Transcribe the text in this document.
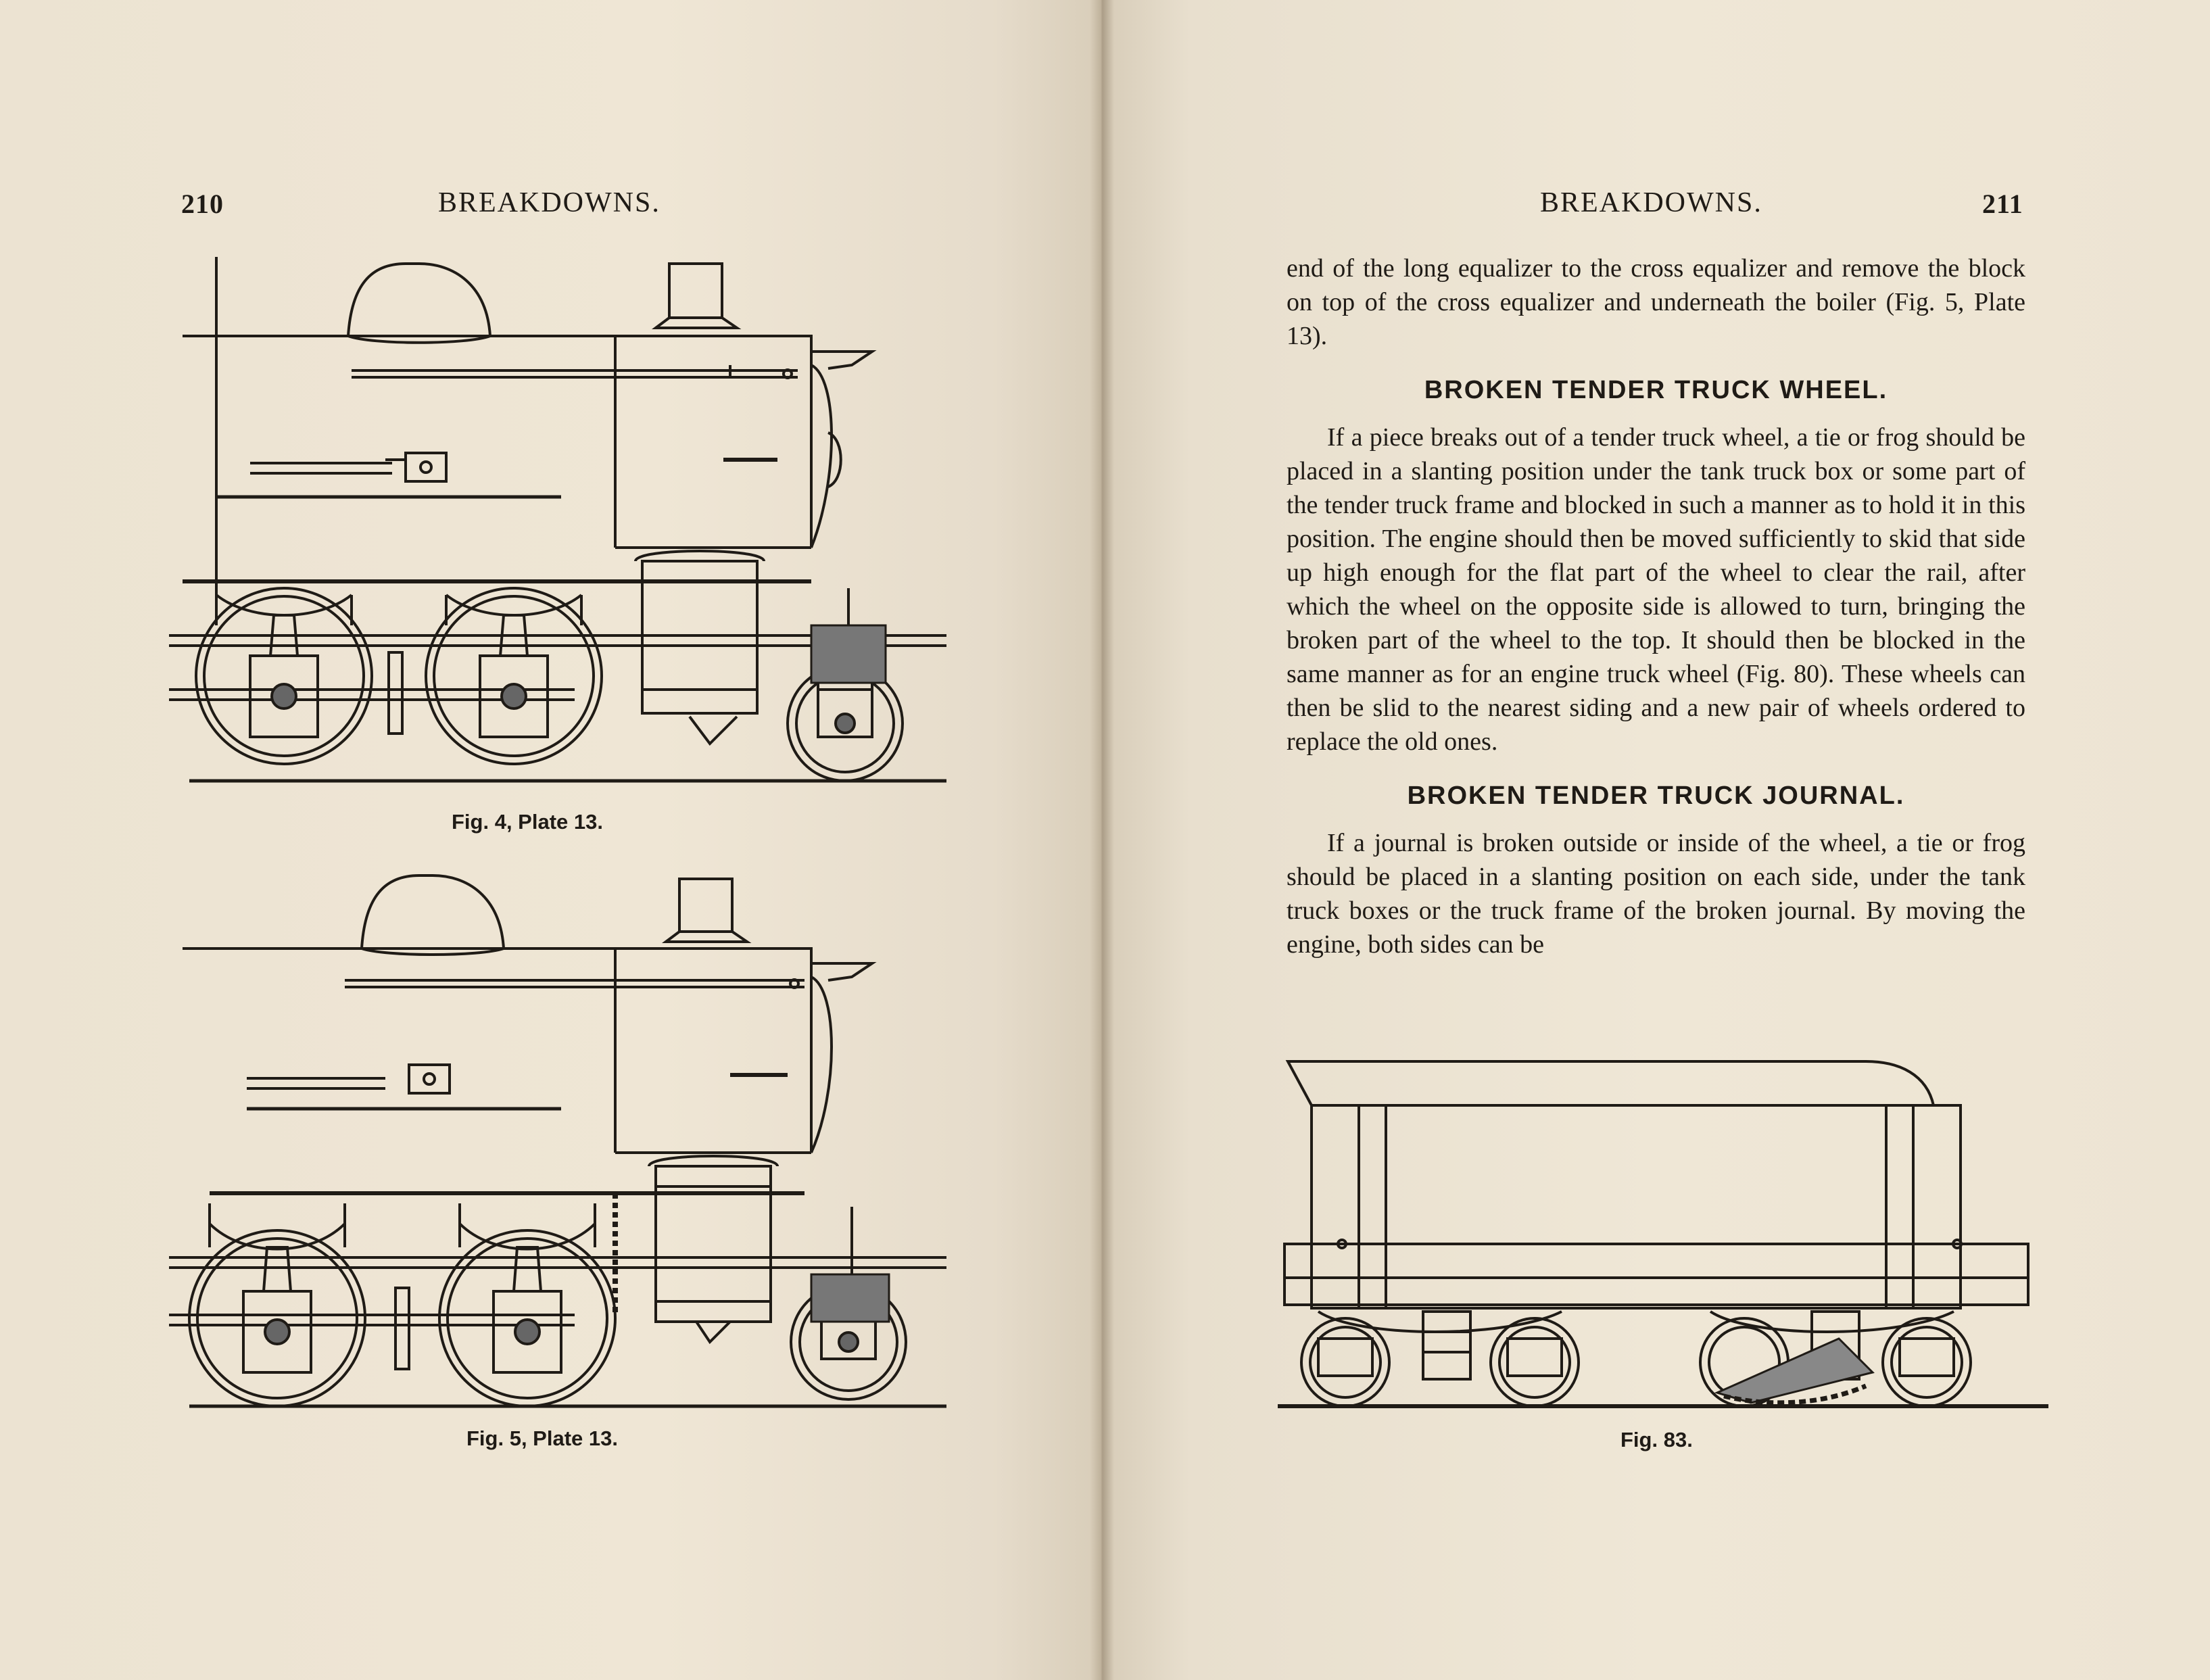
210	BREAKDOWNS.
Fig. 4, Plate 13.
Fig. 5, Plate 13.
BREAKDOWNS.	211

end of the long equalizer to the cross equalizer and remove the block on top of the cross equalizer and underneath the boiler (Fig. 5, Plate 13).

BROKEN TENDER TRUCK WHEEL.

If a piece breaks out of a tender truck wheel, a tie or frog should be placed in a slanting position under the tank truck box or some part of the tender truck frame and blocked in such a manner as to hold it in this position. The engine should then be moved sufficiently to skid that side up high enough for the flat part of the wheel to clear the rail, after which the wheel on the opposite side is allowed to turn, bringing the broken part of the wheel to the top. It should then be blocked in the same manner as for an engine truck wheel (Fig. 80). These wheels can then be slid to the nearest siding and a new pair of wheels ordered to replace the old ones.

BROKEN TENDER TRUCK JOURNAL.

If a journal is broken outside or inside of the wheel, a tie or frog should be placed in a slanting position on each side, under the tank truck boxes or the truck frame of the broken journal. By moving the engine, both sides can be

Fig. 83.
